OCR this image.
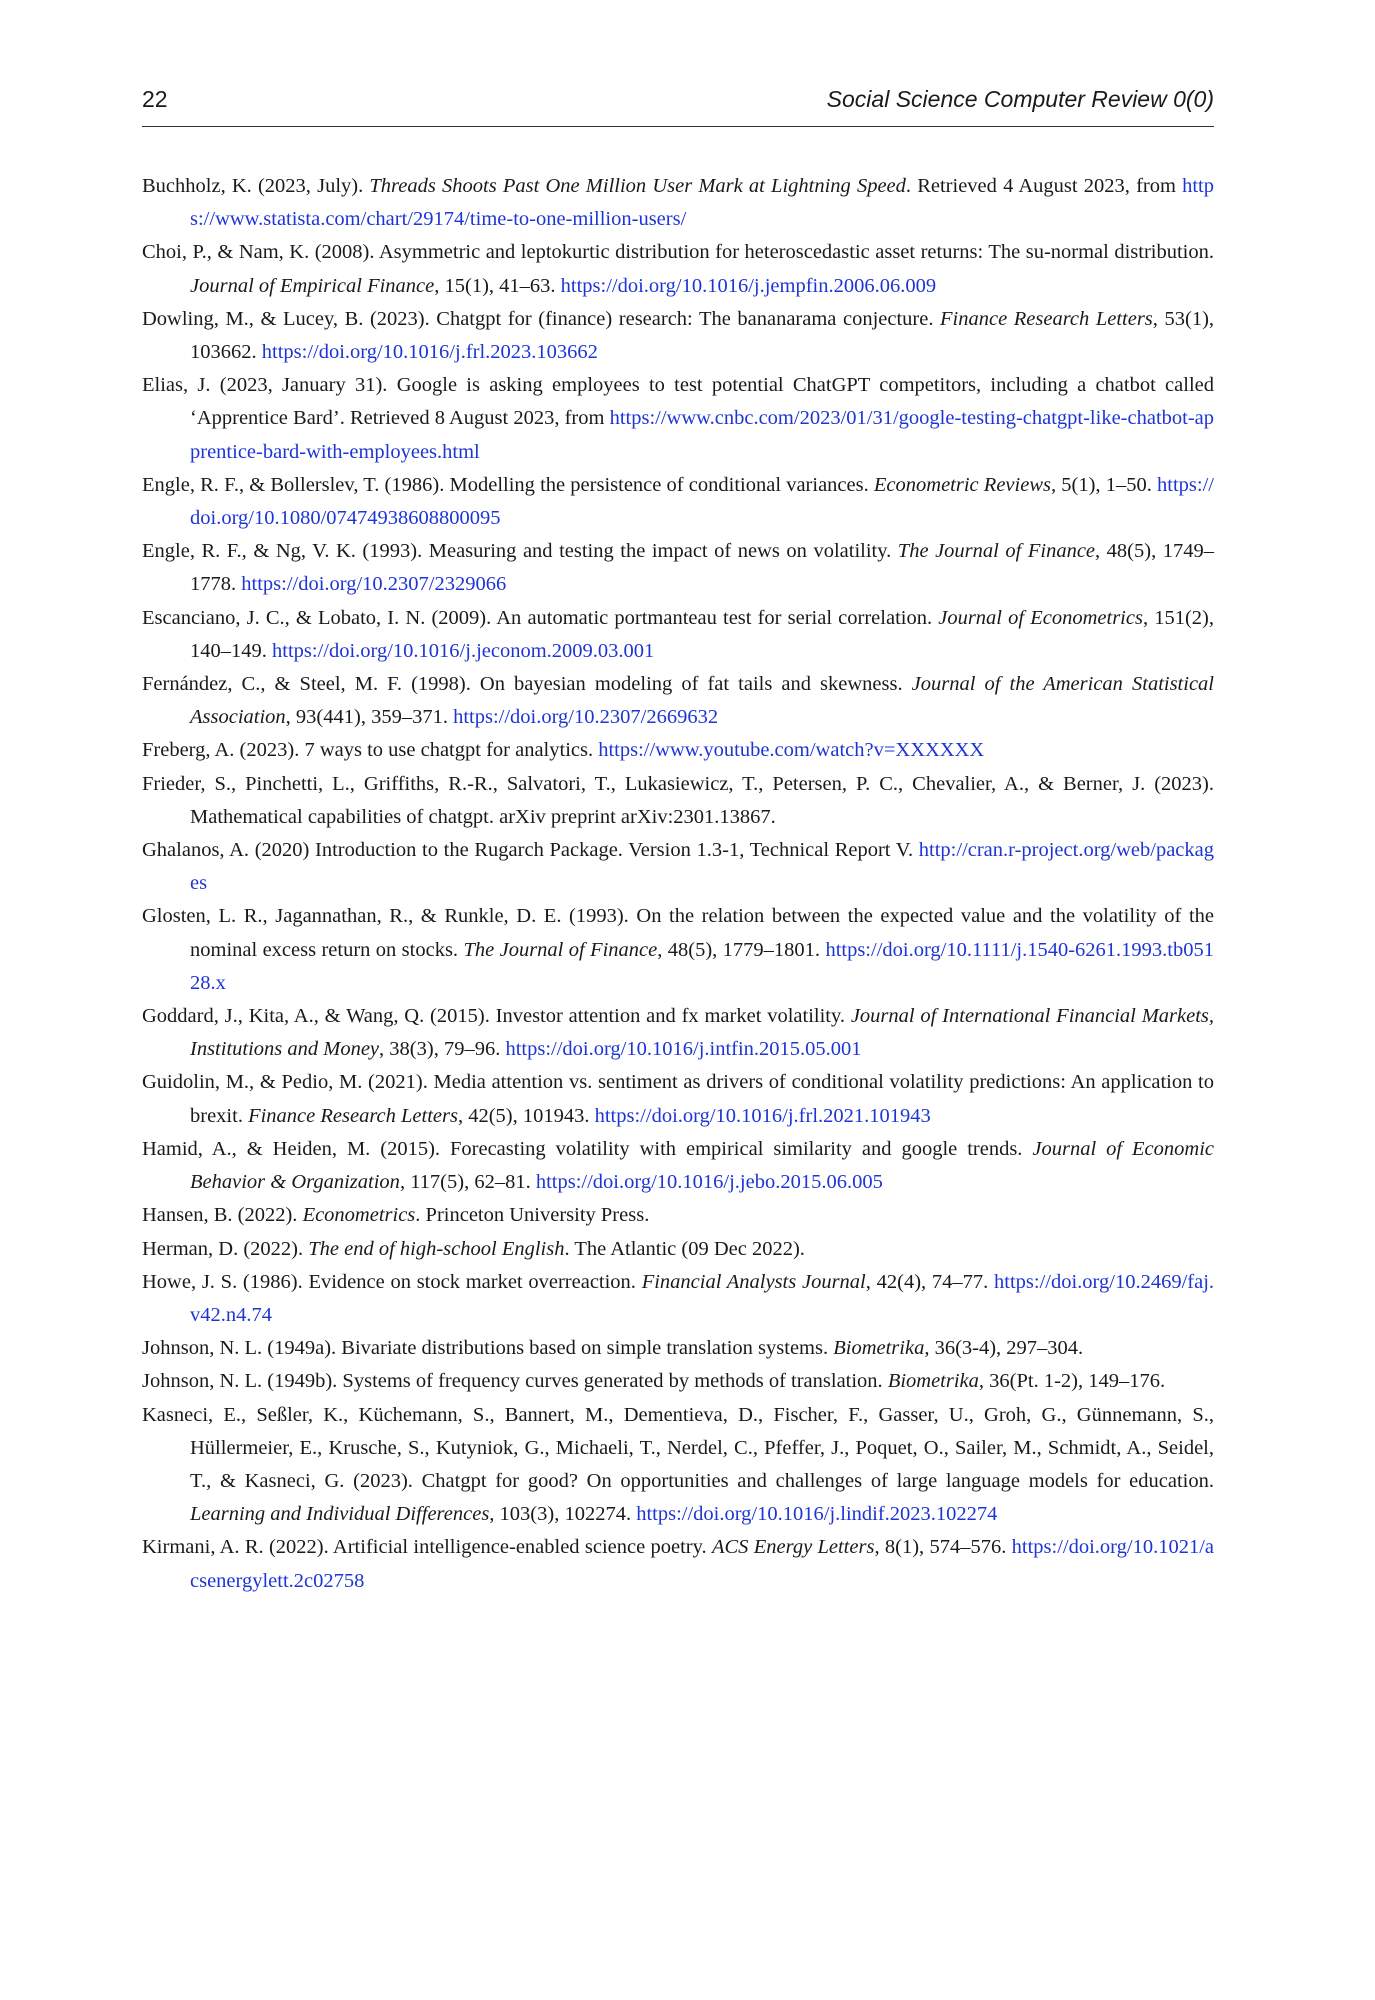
22	Social Science Computer Review 0(0)

Buchholz, K. (2023, July). Threads Shoots Past One Million User Mark at Lightning Speed. Retrieved 4 August 2023, from https://www.statista.com/chart/29174/time-to-one-million-users/

Choi, P., & Nam, K. (2008). Asymmetric and leptokurtic distribution for heteroscedastic asset returns: The su-normal distribution. Journal of Empirical Finance, 15(1), 41–63. https://doi.org/10.1016/j.jempfin.2006.06.009

Dowling, M., & Lucey, B. (2023). Chatgpt for (finance) research: The bananarama conjecture. Finance Research Letters, 53(1), 103662. https://doi.org/10.1016/j.frl.2023.103662

Elias, J. (2023, January 31). Google is asking employees to test potential ChatGPT competitors, including a chatbot called ‘Apprentice Bard’. Retrieved 8 August 2023, from https://www.cnbc.com/2023/01/31/google-testing-chatgpt-like-chatbot-apprentice-bard-with-employees.html

Engle, R. F., & Bollerslev, T. (1986). Modelling the persistence of conditional variances. Econometric Reviews, 5(1), 1–50. https://doi.org/10.1080/07474938608800095

Engle, R. F., & Ng, V. K. (1993). Measuring and testing the impact of news on volatility. The Journal of Finance, 48(5), 1749–1778. https://doi.org/10.2307/2329066

Escanciano, J. C., & Lobato, I. N. (2009). An automatic portmanteau test for serial correlation. Journal of Econometrics, 151(2), 140–149. https://doi.org/10.1016/j.jeconom.2009.03.001

Fernández, C., & Steel, M. F. (1998). On bayesian modeling of fat tails and skewness. Journal of the American Statistical Association, 93(441), 359–371. https://doi.org/10.2307/2669632

Freberg, A. (2023). 7 ways to use chatgpt for analytics. https://www.youtube.com/watch?v=XXXXXX

Frieder, S., Pinchetti, L., Griffiths, R.-R., Salvatori, T., Lukasiewicz, T., Petersen, P. C., Chevalier, A., & Berner, J. (2023). Mathematical capabilities of chatgpt. arXiv preprint arXiv:2301.13867.

Ghalanos, A. (2020) Introduction to the Rugarch Package. Version 1.3-1, Technical Report V. http://cran.r-project.org/web/packages

Glosten, L. R., Jagannathan, R., & Runkle, D. E. (1993). On the relation between the expected value and the volatility of the nominal excess return on stocks. The Journal of Finance, 48(5), 1779–1801. https://doi.org/10.1111/j.1540-6261.1993.tb05128.x

Goddard, J., Kita, A., & Wang, Q. (2015). Investor attention and fx market volatility. Journal of International Financial Markets, Institutions and Money, 38(3), 79–96. https://doi.org/10.1016/j.intfin.2015.05.001

Guidolin, M., & Pedio, M. (2021). Media attention vs. sentiment as drivers of conditional volatility predictions: An application to brexit. Finance Research Letters, 42(5), 101943. https://doi.org/10.1016/j.frl.2021.101943

Hamid, A., & Heiden, M. (2015). Forecasting volatility with empirical similarity and google trends. Journal of Economic Behavior & Organization, 117(5), 62–81. https://doi.org/10.1016/j.jebo.2015.06.005

Hansen, B. (2022). Econometrics. Princeton University Press.

Herman, D. (2022). The end of high-school English. The Atlantic (09 Dec 2022).

Howe, J. S. (1986). Evidence on stock market overreaction. Financial Analysts Journal, 42(4), 74–77. https://doi.org/10.2469/faj.v42.n4.74

Johnson, N. L. (1949a). Bivariate distributions based on simple translation systems. Biometrika, 36(3-4), 297–304.

Johnson, N. L. (1949b). Systems of frequency curves generated by methods of translation. Biometrika, 36(Pt. 1-2), 149–176.

Kasneci, E., Seßler, K., Küchemann, S., Bannert, M., Dementieva, D., Fischer, F., Gasser, U., Groh, G., Günnemann, S., Hüllermeier, E., Krusche, S., Kutyniok, G., Michaeli, T., Nerdel, C., Pfeffer, J., Poquet, O., Sailer, M., Schmidt, A., Seidel, T., & Kasneci, G. (2023). Chatgpt for good? On opportunities and challenges of large language models for education. Learning and Individual Differences, 103(3), 102274. https://doi.org/10.1016/j.lindif.2023.102274

Kirmani, A. R. (2022). Artificial intelligence-enabled science poetry. ACS Energy Letters, 8(1), 574–576. https://doi.org/10.1021/acsenergylett.2c02758
